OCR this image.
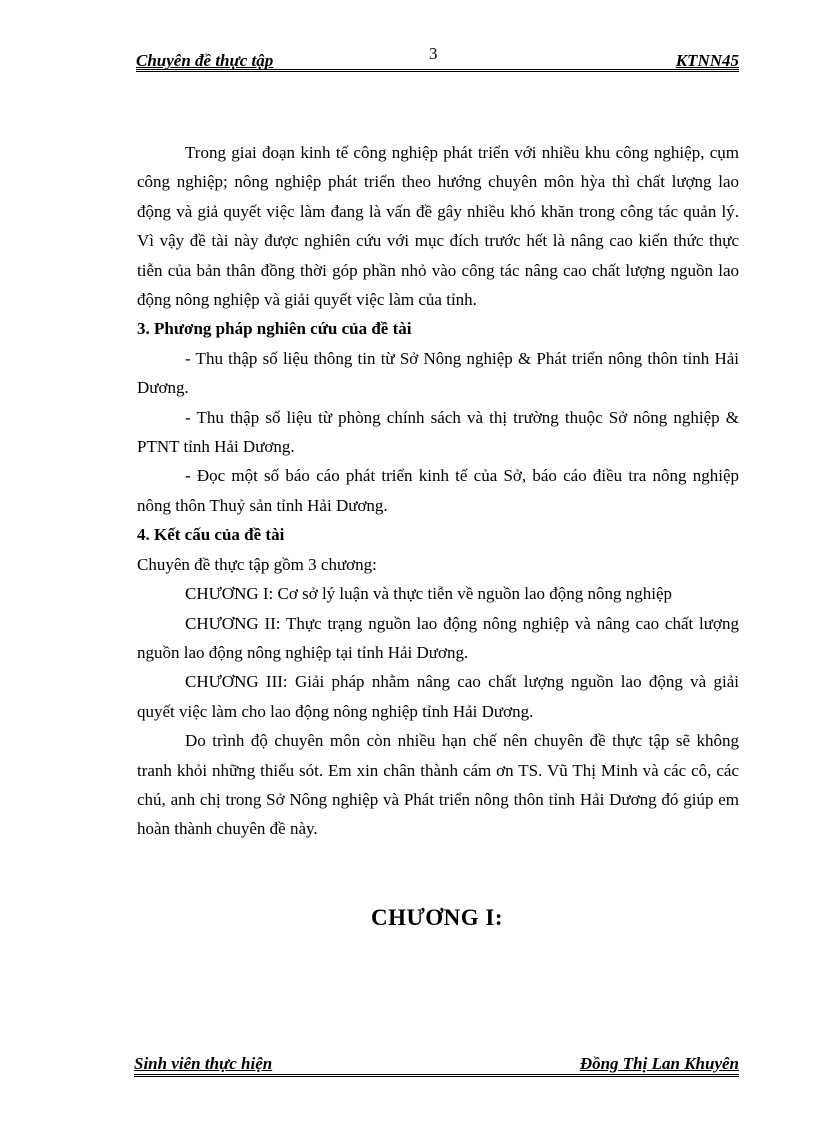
Chuyên đề thực tập	3	KTNN45

Trong giai đoạn kinh tế công nghiệp phát triển với nhiều khu công nghiệp, cụm công nghiệp; nông nghiệp phát triển theo hướng chuyên môn hỳa thì chất lượng lao động và giả quyết việc làm đang là vấn đề gây nhiều khó khăn trong công tác quản lý. Vì vậy đề tài này được nghiên cứu với mục đích trước hết là nâng cao kiến thức thực tiễn của bản thân đồng thời góp phần nhỏ vào công tác nâng cao chất lượng nguồn lao động nông nghiệp và giải quyết việc làm của tỉnh.

3. Phương pháp nghiên cứu của đề tài

- Thu thập số liệu thông tin từ Sở Nông nghiệp & Phát triển nông thôn tỉnh Hải Dương.

- Thu thập số liệu từ phòng chính sách và thị trường thuộc Sở nông nghiệp & PTNT tỉnh Hải Dương.

- Đọc một số báo cáo phát triển kinh tế của Sở, báo cáo điều tra nông nghiệp nông thôn Thuỷ sản tỉnh Hải Dương.

4. Kết cấu của đề tài

Chuyên đề thực tập gồm 3 chương:

CHƯƠNG I: Cơ sở lý luận và thực tiễn về nguồn lao động nông nghiệp

CHƯƠNG II: Thực trạng nguồn lao động nông nghiệp và nâng cao chất lượng nguồn lao động nông nghiệp tại tỉnh Hải Dương.

CHƯƠNG III: Giải pháp nhằm nâng cao chất lượng nguồn lao động và giải quyết việc làm cho lao động nông nghiệp tỉnh Hải Dương.

Do trình độ chuyên môn còn nhiều hạn chế nên chuyên đề thực tập sẽ không tranh khỏi những thiếu sót. Em xin chân thành cám ơn TS. Vũ Thị Minh và các cô, các chú, anh chị trong Sở Nông nghiệp và Phát triển nông thôn tỉnh Hải Dương đó giúp em hoàn thành chuyên đề này.

CHƯƠNG I:
Sinh viên thực hiện	Đồng Thị Lan Khuyên
